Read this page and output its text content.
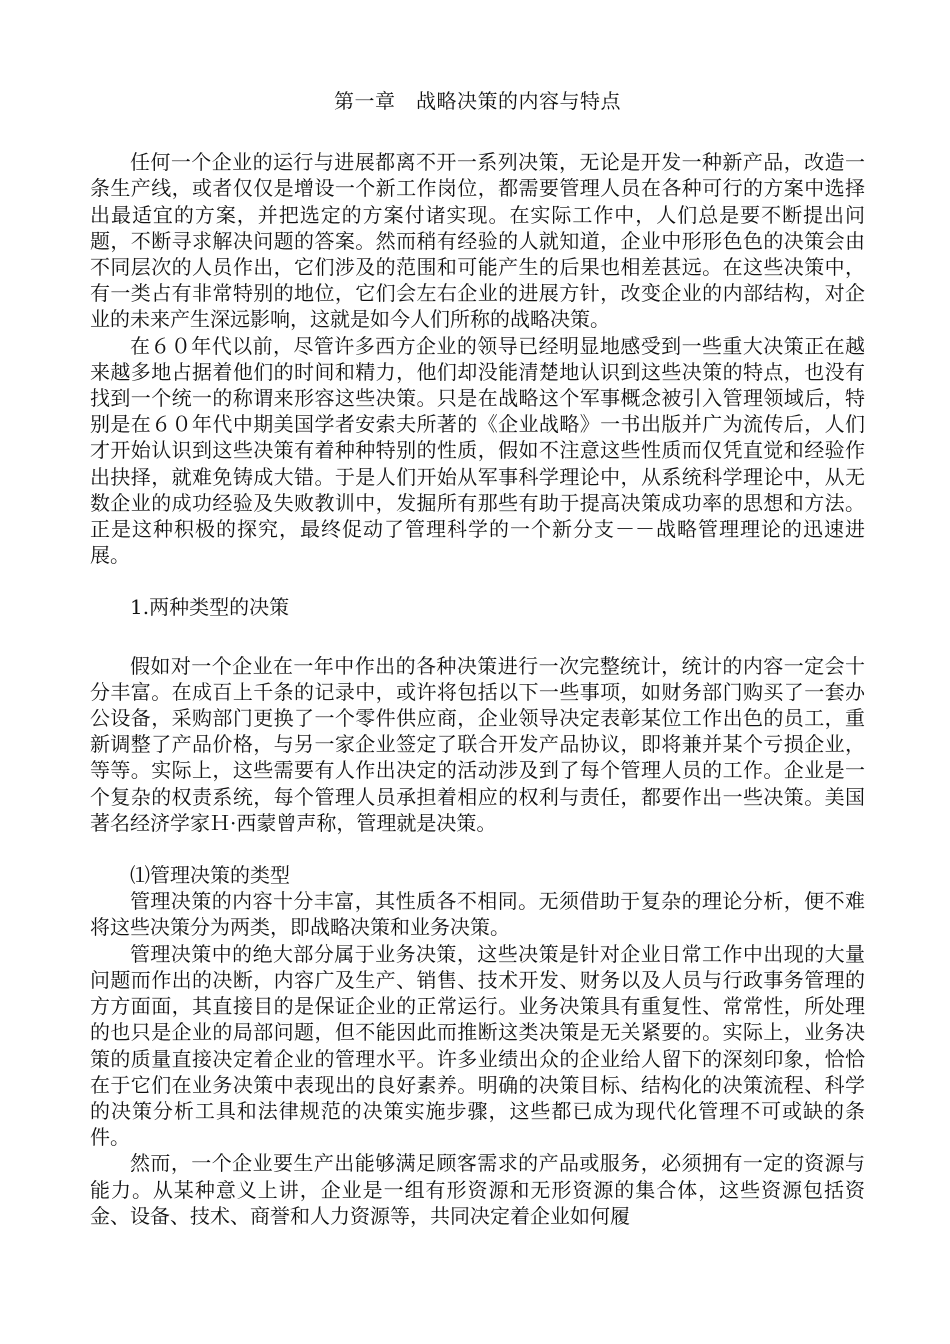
第一章　战略决策的内容与特点

任何一个企业的运行与进展都离不开一系列决策，无论是开发一种新产品，改造一条生产线，或者仅仅是增设一个新工作岗位，都需要管理人员在各种可行的方案中选择出最适宜的方案，并把选定的方案付诸实现。在实际工作中，人们总是要不断提出问题，不断寻求解决问题的答案。然而稍有经验的人就知道，企业中形形色色的决策会由不同层次的人员作出，它们涉及的范围和可能产生的后果也相差甚远。在这些决策中，有一类占有非常特别的地位，它们会左右企业的进展方针，改变企业的内部结构，对企业的未来产生深远影响，这就是如今人们所称的战略决策。

在６０年代以前，尽管许多西方企业的领导已经明显地感受到一些重大决策正在越来越多地占据着他们的时间和精力，他们却没能清楚地认识到这些决策的特点，也没有找到一个统一的称谓来形容这些决策。只是在战略这个军事概念被引入管理领域后，特别是在６０年代中期美国学者安索夫所著的《企业战略》一书出版并广为流传后，人们才开始认识到这些决策有着种种特别的性质，假如不注意这些性质而仅凭直觉和经验作出抉择，就难免铸成大错。于是人们开始从军事科学理论中，从系统科学理论中，从无数企业的成功经验及失败教训中，发掘所有那些有助于提高决策成功率的思想和方法。正是这种积极的探究，最终促动了管理科学的一个新分支－－战略管理理论的迅速进展。

1.两种类型的决策

假如对一个企业在一年中作出的各种决策进行一次完整统计，统计的内容一定会十分丰富。在成百上千条的记录中，或许将包括以下一些事项，如财务部门购买了一套办公设备，采购部门更换了一个零件供应商，企业领导决定表彰某位工作出色的员工，重新调整了产品价格，与另一家企业签定了联合开发产品协议，即将兼并某个亏损企业，等等。实际上，这些需要有人作出决定的活动涉及到了每个管理人员的工作。企业是一个复杂的权责系统，每个管理人员承担着相应的权利与责任，都要作出一些决策。美国著名经济学家Ｈ·西蒙曾声称，管理就是决策。

⑴管理决策的类型

管理决策的内容十分丰富，其性质各不相同。无须借助于复杂的理论分析，便不难将这些决策分为两类，即战略决策和业务决策。

管理决策中的绝大部分属于业务决策，这些决策是针对企业日常工作中出现的大量问题而作出的决断，内容广及生产、销售、技术开发、财务以及人员与行政事务管理的方方面面，其直接目的是保证企业的正常运行。业务决策具有重复性、常常性，所处理的也只是企业的局部问题，但不能因此而推断这类决策是无关紧要的。实际上，业务决策的质量直接决定着企业的管理水平。许多业绩出众的企业给人留下的深刻印象，恰恰在于它们在业务决策中表现出的良好素养。明确的决策目标、结构化的决策流程、科学的决策分析工具和法律规范的决策实施步骤，这些都已成为现代化管理不可或缺的条件。

然而，一个企业要生产出能够满足顾客需求的产品或服务，必须拥有一定的资源与能力。从某种意义上讲，企业是一组有形资源和无形资源的集合体，这些资源包括资金、设备、技术、商誉和人力资源等，共同决定着企业如何履
